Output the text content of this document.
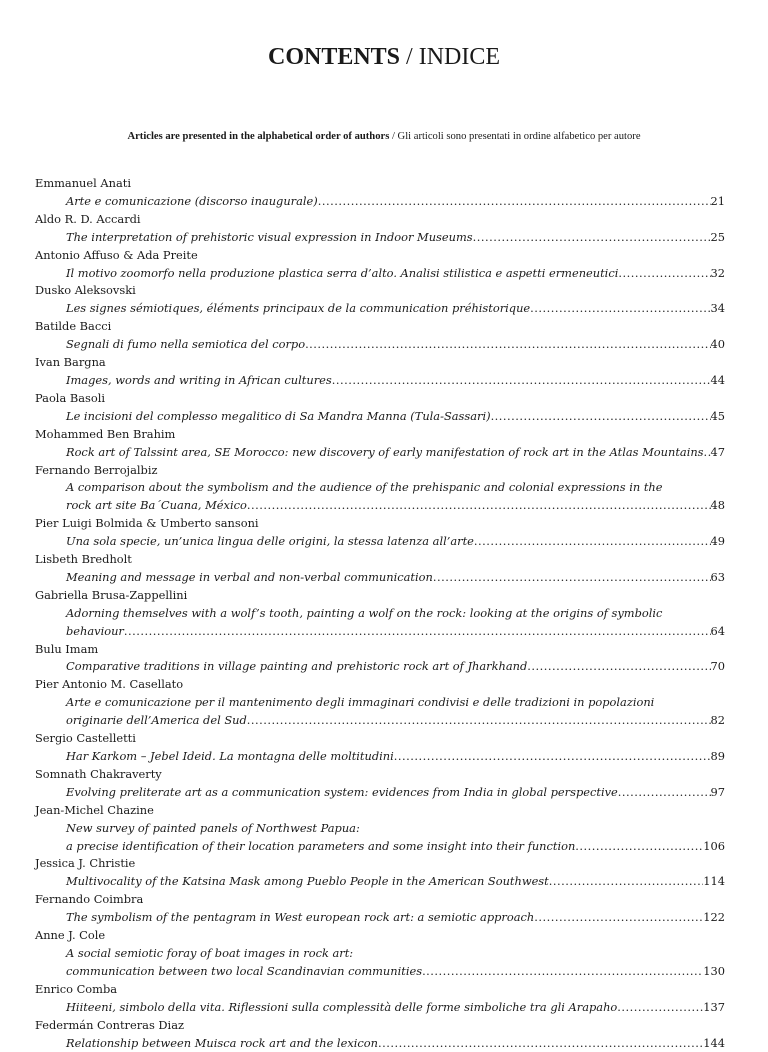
CONTENTS / INDICE
Articles are presented in the alphabetical order of authors / Gli articoli sono presentati in ordine alfabetico per autore
Emmanuel Anati
Arte e comunicazione (discorso inaugurale) .....	21
Aldo R. D. Accardi
The interpretation of prehistoric visual expression in Indoor Museums .....	25
Antonio Affuso & Ada Preite
Il motivo zoomorfo nella produzione plastica serra d’alto. Analisi stilistica e aspetti ermeneutici .....	32
Dusko Aleksovski
Les signes sémiotiques, éléments principaux de la communication préhistorique .....	34
Batilde Bacci
Segnali di fumo nella semiotica del corpo .....	40
Ivan Bargna
Images, words and writing in African cultures .....	44
Paola Basoli
Le incisioni del complesso megalitico di Sa Mandra Manna (Tula-Sassari) .....	45
Mohammed Ben Brahim
Rock art of Talssint area, SE Morocco: new discovery of early manifestation of rock art in the Atlas Mountains ..... 47
Fernando Berrojalbiz
A comparison about the symbolism and the audience of the prehispanic and colonial expressions in the
rock art site Ba´Cuana, México .....	48
Pier Luigi Bolmida & Umberto sansoni
Una sola specie, un’unica lingua delle origini, la stessa latenza all’arte .....	49
Lisbeth Bredholt
Meaning and message in verbal and non-verbal communication .....	63
Gabriella Brusa-Zappellini
Adorning themselves with a wolf’s tooth, painting a wolf on the rock: looking at the origins of symbolic
behaviour .....	64
Bulu Imam
Comparative traditions in village painting and prehistoric rock art of Jharkhand .....	70
Pier Antonio M. Casellato
Arte e comunicazione per il mantenimento degli immaginari condivisi e delle tradizioni in popolazioni
originarie dell’America del Sud .....	82
Sergio Castelletti
Har Karkom – Jebel Ideid. La montagna delle moltitudini .....	89
Somnath Chakraverty
Evolving preliterate art as a communication system: evidences from India in global perspective .....	97
Jean-Michel Chazine
New survey of painted panels of Northwest Papua:
a precise identification of their location parameters and some insight into their function .....	106
Jessica J. Christie
Multivocality of the Katsina Mask among Pueblo People in the American Southwest .....	114
Fernando Coimbra
The symbolism of the pentagram in West european rock art: a semiotic approach .....	122
Anne J. Cole
A social semiotic foray of boat images in rock art:
communication between two local Scandinavian communities .....	130
Enrico Comba
Hiiteeni, simbolo della vita. Riflessioni sulla complessità delle forme simboliche tra gli Arapaho .....	137
Federmán Contreras Diaz
Relationship between Muisca rock art and the lexicon .....	144
